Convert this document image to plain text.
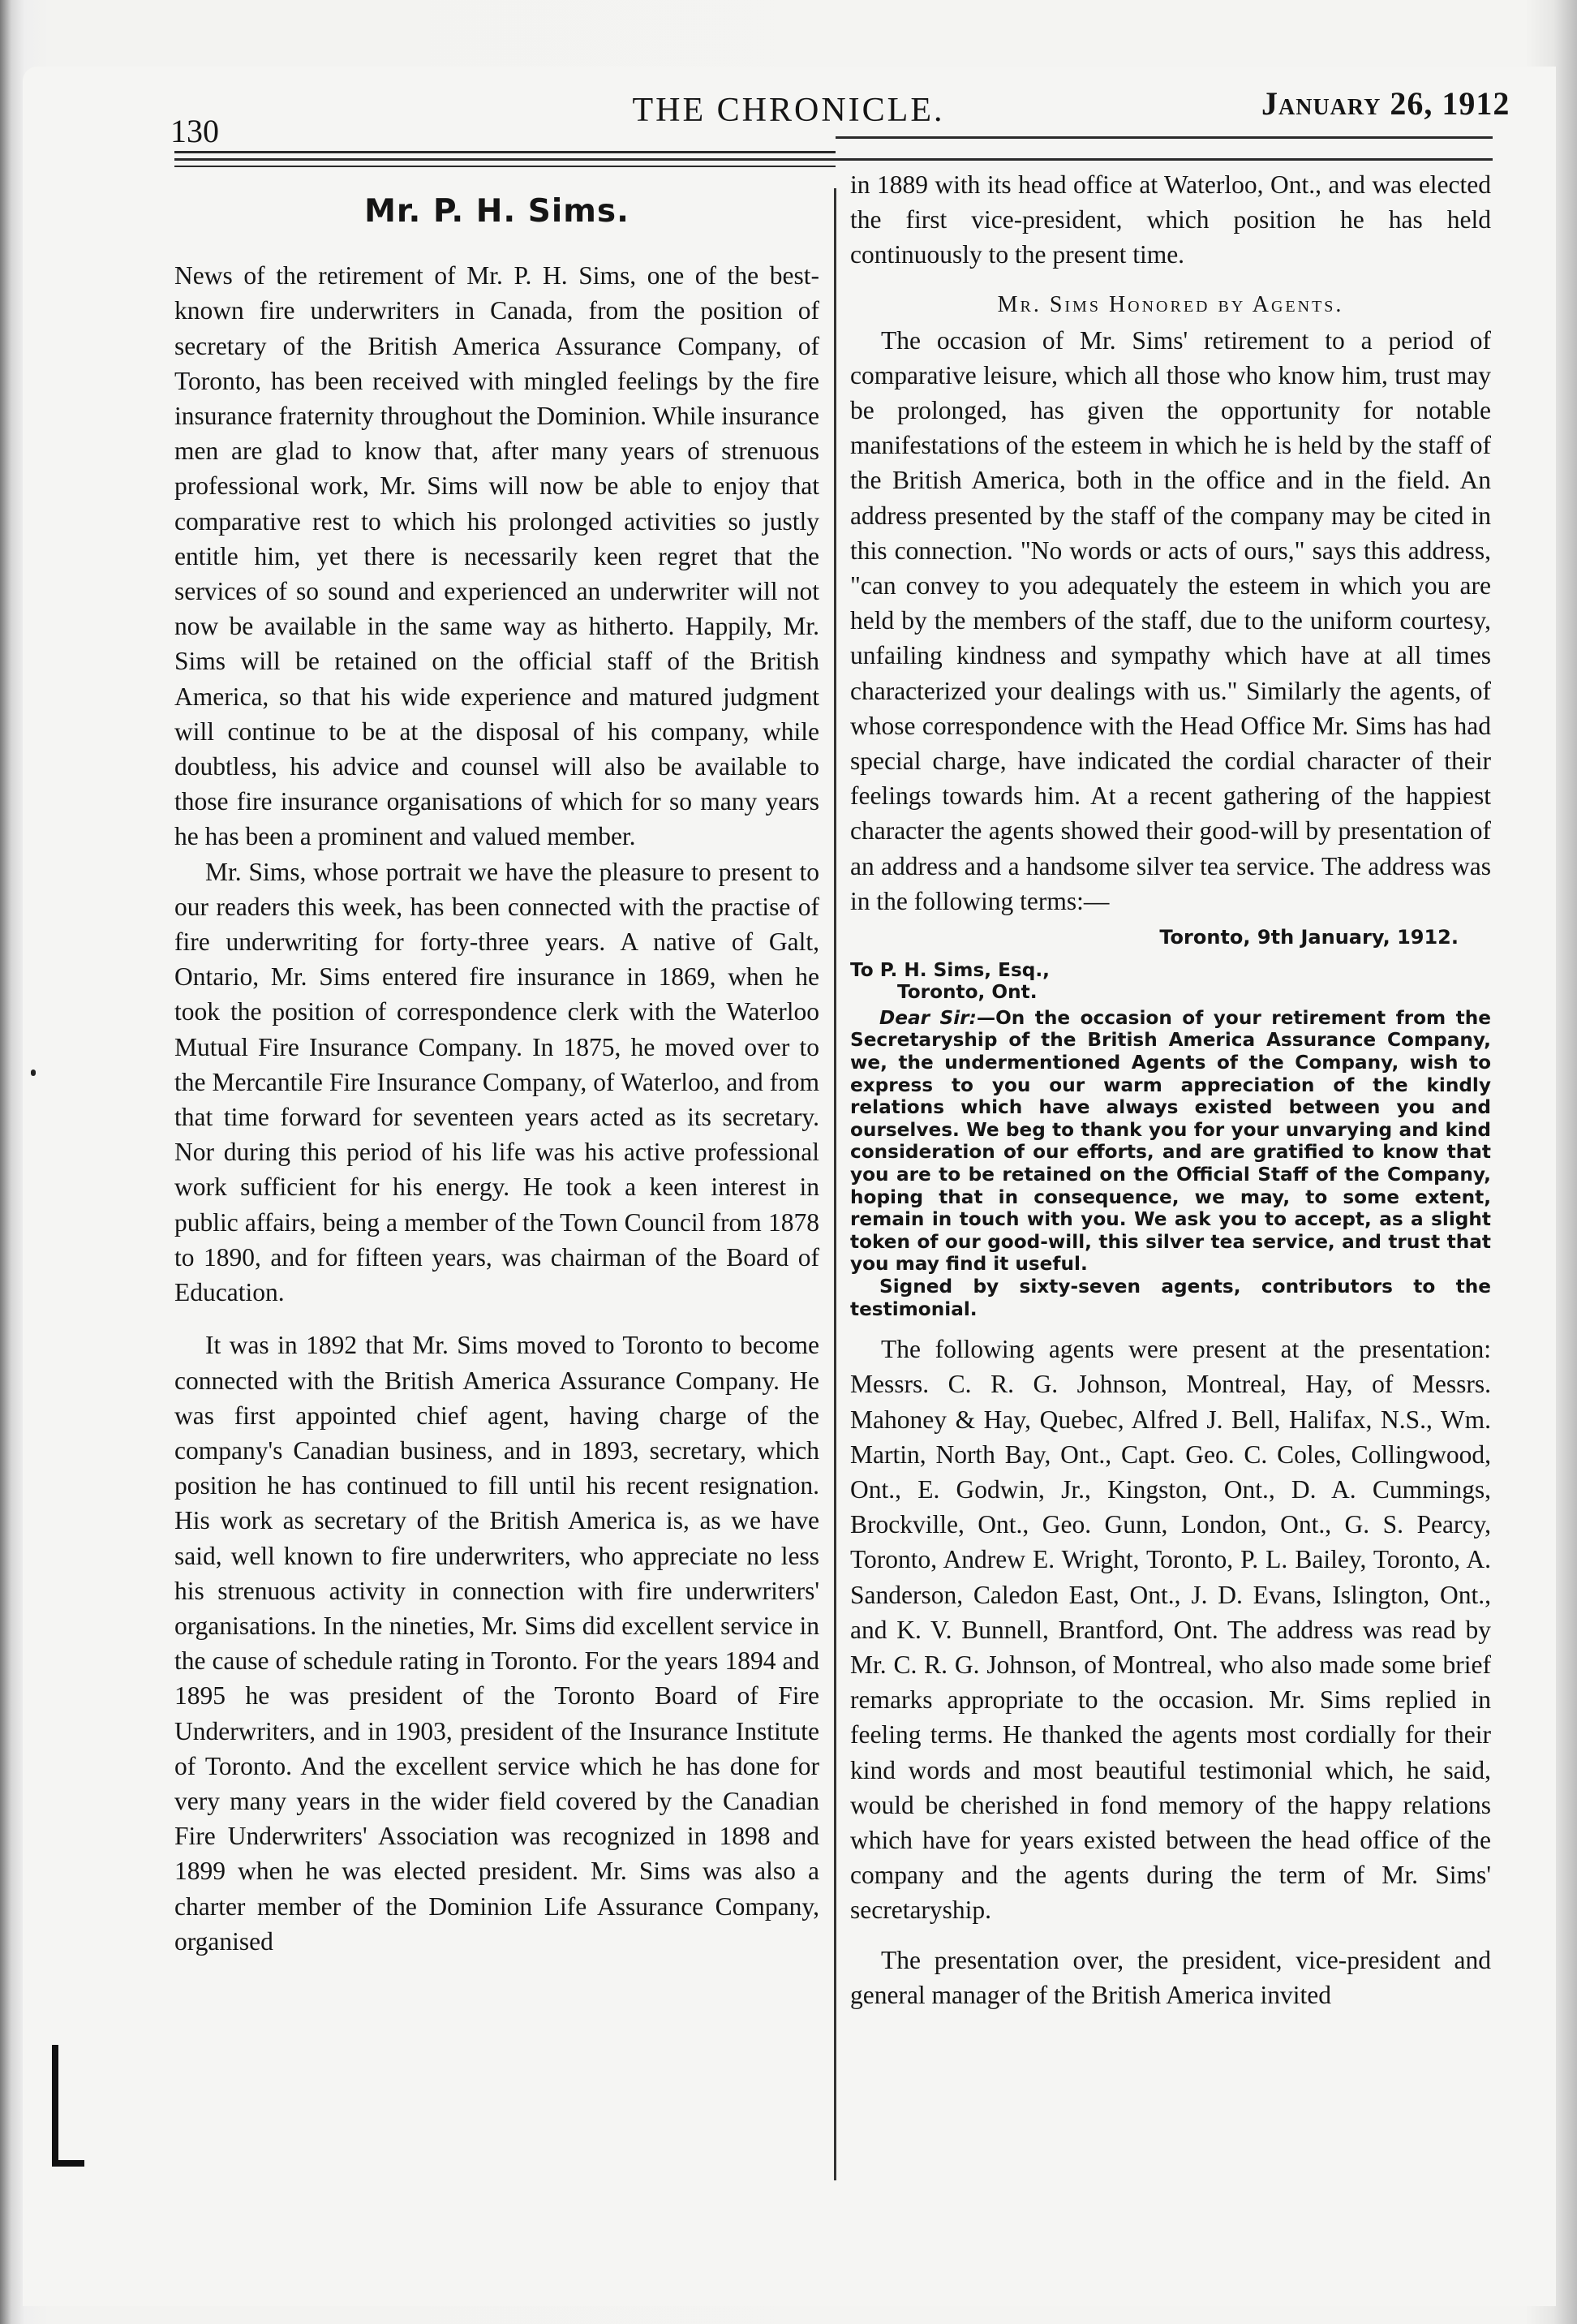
130
THE CHRONICLE.	January 26, 1912
Mr. P. H. Sims.

News of the retirement of Mr. P. H. Sims, one of the best-known fire underwriters in Canada, from the position of secretary of the British America Assurance Company, of Toronto, has been received with mingled feelings by the fire insurance fraternity throughout the Dominion. While insurance men are glad to know that, after many years of strenuous professional work, Mr. Sims will now be able to enjoy that comparative rest to which his prolonged activities so justly entitle him, yet there is necessarily keen regret that the services of so sound and experienced an underwriter will not now be available in the same way as hitherto. Happily, Mr. Sims will be retained on the official staff of the British America, so that his wide experience and matured judgment will continue to be at the disposal of his company, while doubtless, his advice and counsel will also be available to those fire insurance organisations of which for so many years he has been a prominent and valued member.

Mr. Sims, whose portrait we have the pleasure to present to our readers this week, has been connected with the practise of fire underwriting for forty-three years. A native of Galt, Ontario, Mr. Sims entered fire insurance in 1869, when he took the position of correspondence clerk with the Waterloo Mutual Fire Insurance Company. In 1875, he moved over to the Mercantile Fire Insurance Company, of Waterloo, and from that time forward for seventeen years acted as its secretary. Nor during this period of his life was his active professional work sufficient for his energy. He took a keen interest in public affairs, being a member of the Town Council from 1878 to 1890, and for fifteen years, was chairman of the Board of Education.

It was in 1892 that Mr. Sims moved to Toronto to become connected with the British America Assurance Company. He was first appointed chief agent, having charge of the company's Canadian business, and in 1893, secretary, which position he has continued to fill until his recent resignation. His work as secretary of the British America is, as we have said, well known to fire underwriters, who appreciate no less his strenuous activity in connection with fire underwriters' organisations. In the nineties, Mr. Sims did excellent service in the cause of schedule rating in Toronto. For the years 1894 and 1895 he was president of the Toronto Board of Fire Underwriters, and in 1903, president of the Insurance Institute of Toronto. And the excellent service which he has done for very many years in the wider field covered by the Canadian Fire Underwriters' Association was recognized in 1898 and 1899 when he was elected president. Mr. Sims was also a charter member of the Dominion Life Assurance Company, organised

in 1889 with its head office at Waterloo, Ont., and was elected the first vice-president, which position he has held continuously to the present time.

Mr. Sims Honored by Agents.

The occasion of Mr. Sims' retirement to a period of comparative leisure, which all those who know him, trust may be prolonged, has given the opportunity for notable manifestations of the esteem in which he is held by the staff of the British America, both in the office and in the field. An address presented by the staff of the company may be cited in this connection. "No words or acts of ours," says this address, "can convey to you adequately the esteem in which you are held by the members of the staff, due to the uniform courtesy, unfailing kindness and sympathy which have at all times characterized your dealings with us." Similarly the agents, of whose correspondence with the Head Office Mr. Sims has had special charge, have indicated the cordial character of their feelings towards him. At a recent gathering of the happiest character the agents showed their good-will by presentation of an address and a handsome silver tea service. The address was in the following terms:—

Toronto, 9th January, 1912.

To P. H. Sims, Esq.,

Toronto, Ont.

Dear Sir:—On the occasion of your retirement from the Secretaryship of the British America Assurance Company, we, the undermentioned Agents of the Company, wish to express to you our warm appreciation of the kindly relations which have always existed between you and ourselves. We beg to thank you for your unvarying and kind consideration of our efforts, and are gratified to know that you are to be retained on the Official Staff of the Company, hoping that in consequence, we may, to some extent, remain in touch with you. We ask you to accept, as a slight token of our good-will, this silver tea service, and trust that you may find it useful.

Signed by sixty-seven agents, contributors to the testimonial.

The following agents were present at the presentation: Messrs. C. R. G. Johnson, Montreal, Hay, of Messrs. Mahoney & Hay, Quebec, Alfred J. Bell, Halifax, N.S., Wm. Martin, North Bay, Ont., Capt. Geo. C. Coles, Collingwood, Ont., E. Godwin, Jr., Kingston, Ont., D. A. Cummings, Brockville, Ont., Geo. Gunn, London, Ont., G. S. Pearcy, Toronto, Andrew E. Wright, Toronto, P. L. Bailey, Toronto, A. Sanderson, Caledon East, Ont., J. D. Evans, Islington, Ont., and K. V. Bunnell, Brantford, Ont. The address was read by Mr. C. R. G. Johnson, of Montreal, who also made some brief remarks appropriate to the occasion. Mr. Sims replied in feeling terms. He thanked the agents most cordially for their kind words and most beautiful testimonial which, he said, would be cherished in fond memory of the happy relations which have for years existed between the head office of the company and the agents during the term of Mr. Sims' secretaryship.

The presentation over, the president, vice-president and general manager of the British America invited
